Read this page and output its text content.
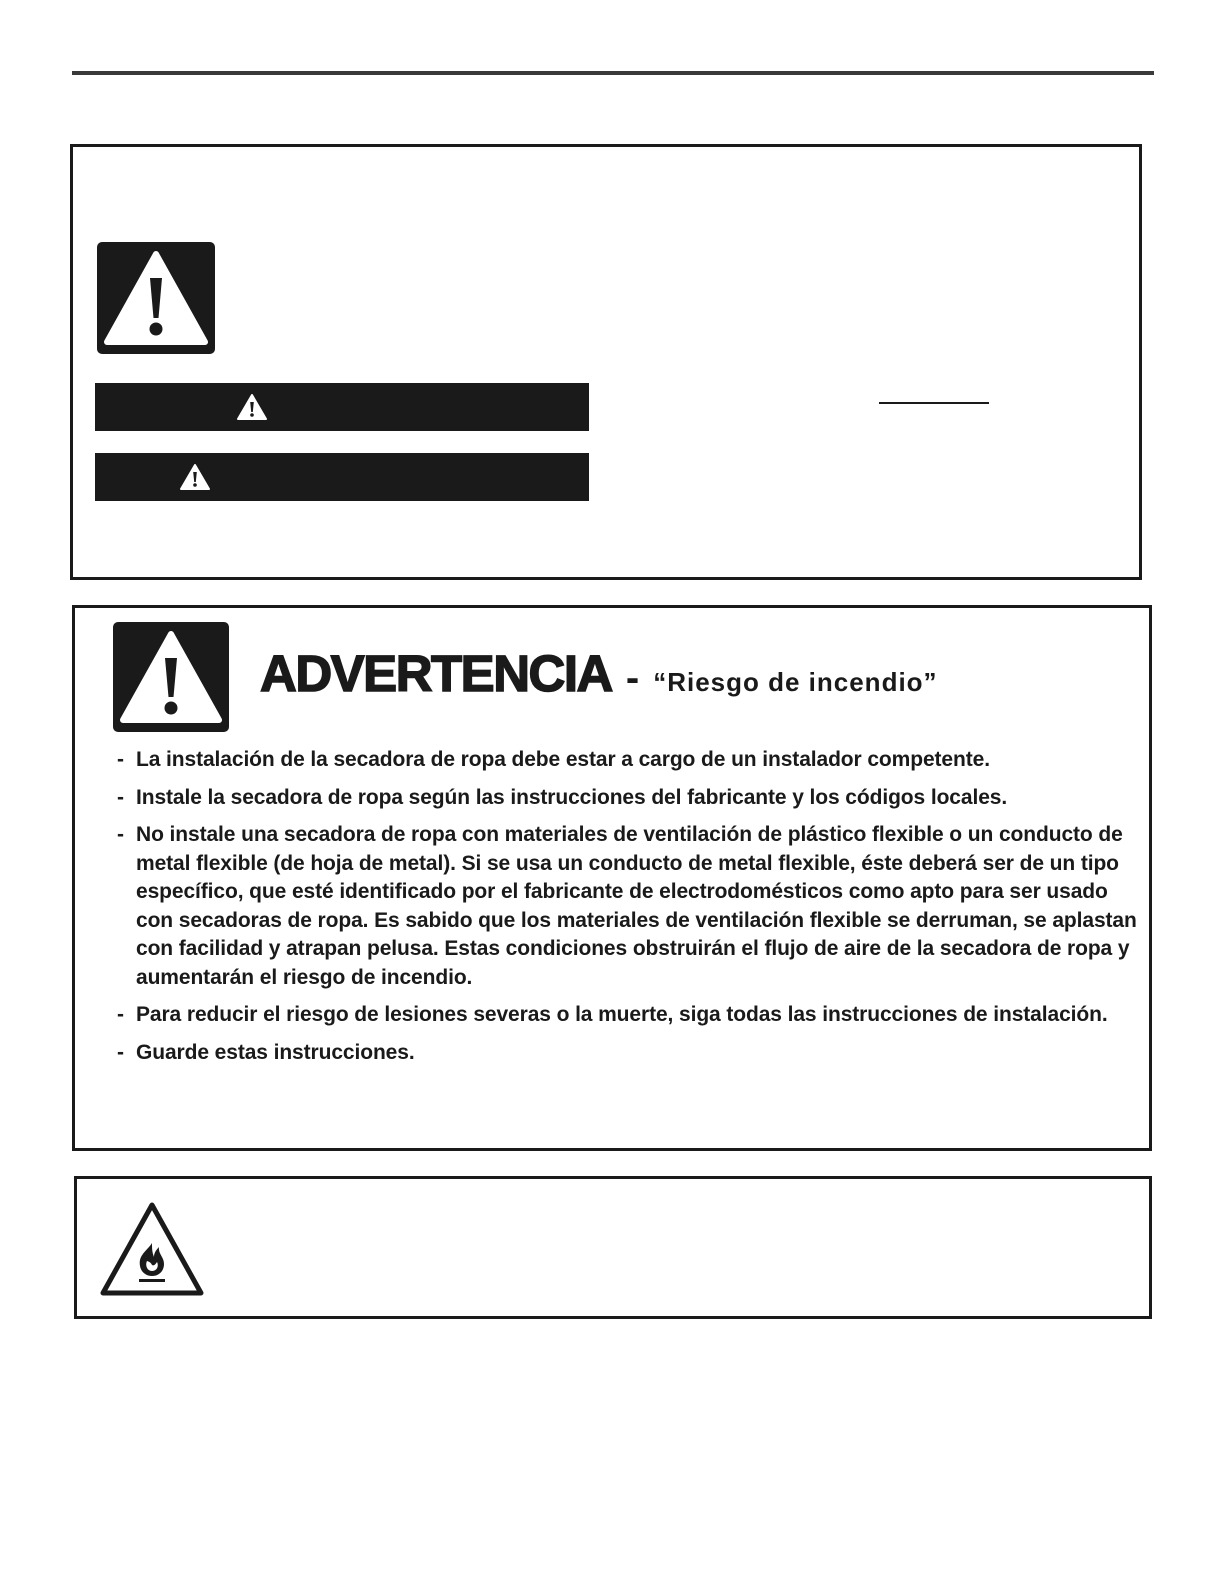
ADVERTENCIA - “Riesgo de incendio”
- La instalación de la secadora de ropa debe estar a cargo de un instalador competente.
- Instale la secadora de ropa según las instrucciones del fabricante y los códigos locales.
- No instale una secadora de ropa con materiales de ventilación de plástico flexible o un conducto de metal flexible (de hoja de metal). Si se usa un conducto de metal flexible, éste deberá ser de un tipo específico, que esté identificado por el fabricante de electrodomésticos como apto para ser usado con secadoras de ropa. Es sabido que los materiales de ventilación flexible se derruman, se aplastan con facilidad y atrapan pelusa. Estas condiciones obstruirán el flujo de aire de la secadora de ropa y aumentarán el riesgo de incendio.
- Para reducir el riesgo de lesiones severas o la muerte, siga todas las instrucciones de instalación.
- Guarde estas instrucciones.
